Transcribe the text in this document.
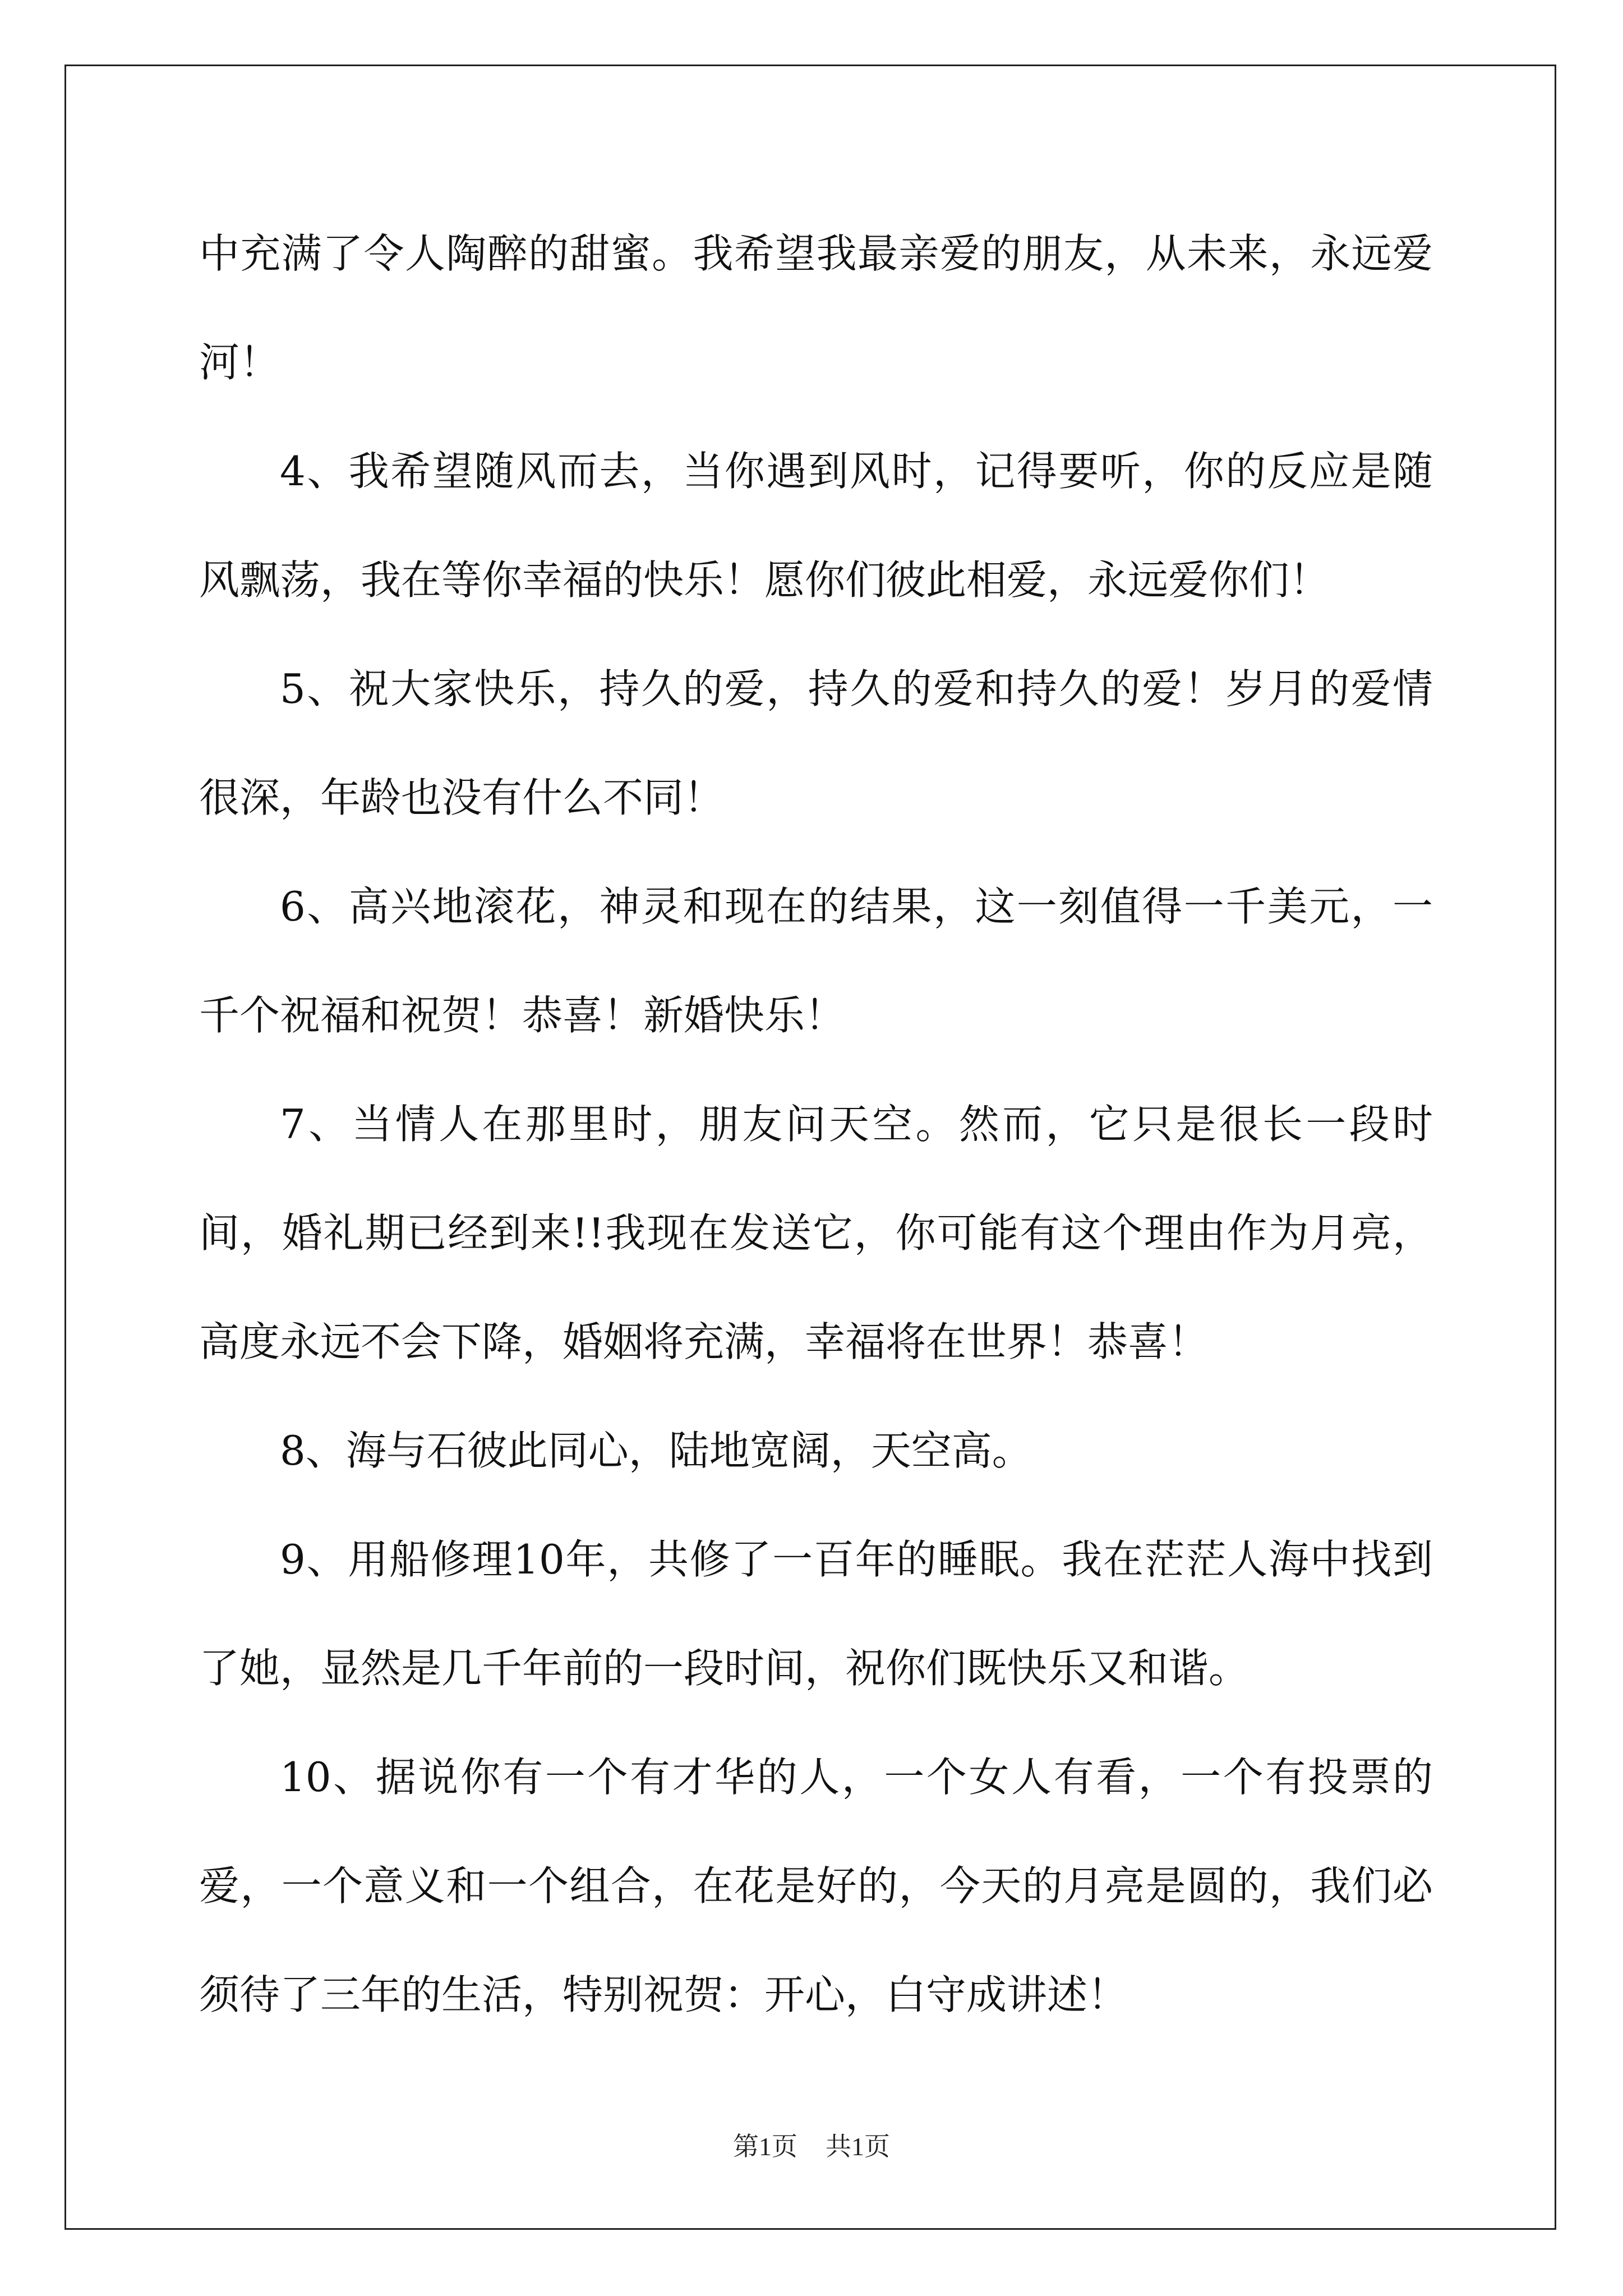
中充满了令人陶醉的甜蜜。我希望我最亲爱的朋友，从未来，永远爱河！

4、我希望随风而去，当你遇到风时，记得要听，你的反应是随风飘荡，我在等你幸福的快乐！愿你们彼此相爱，永远爱你们！

5、祝大家快乐，持久的爱，持久的爱和持久的爱！岁月的爱情很深，年龄也没有什么不同！

6、高兴地滚花，神灵和现在的结果，这一刻值得一千美元，一千个祝福和祝贺！恭喜！新婚快乐！

7、当情人在那里时，朋友问天空。然而，它只是很长一段时间，婚礼期已经到来!!我现在发送它，你可能有这个理由作为月亮，高度永远不会下降，婚姻将充满，幸福将在世界！恭喜！

8、海与石彼此同心，陆地宽阔，天空高。

9、用船修理10年，共修了一百年的睡眠。我在茫茫人海中找到了她，显然是几千年前的一段时间，祝你们既快乐又和谐。

10、据说你有一个有才华的人，一个女人有看，一个有投票的爱，一个意义和一个组合，在花是好的，今天的月亮是圆的，我们必须待了三年的生活，特别祝贺：开心，白守成讲述！

第1页 共1页
